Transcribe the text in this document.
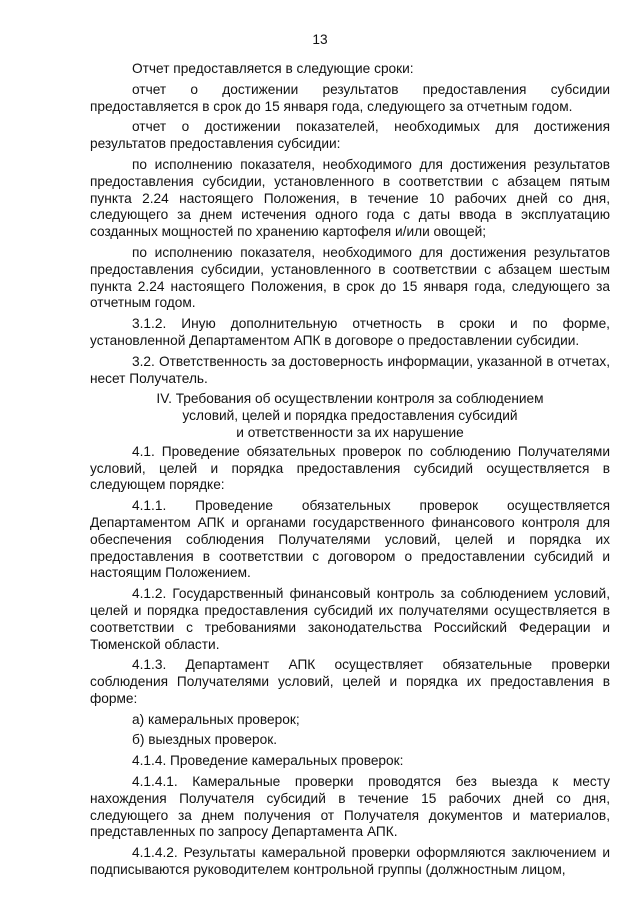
13

Отчет предоставляется в следующие сроки:

отчет о достижении результатов предоставления субсидии предоставляется в срок до 15 января года, следующего за отчетным годом.

отчет о достижении показателей, необходимых для достижения результатов предоставления субсидии:

по исполнению показателя, необходимого для достижения результатов предоставления субсидии, установленного в соответствии с абзацем пятым пункта 2.24 настоящего Положения, в течение 10 рабочих дней со дня, следующего за днем истечения одного года с даты ввода в эксплуатацию созданных мощностей по хранению картофеля и/или овощей;

по исполнению показателя, необходимого для достижения результатов предоставления субсидии, установленного в соответствии с абзацем шестым пункта 2.24 настоящего Положения, в срок до 15 января года, следующего за отчетным годом.

3.1.2. Иную дополнительную отчетность в сроки и по форме, установленной Департаментом АПК в договоре о предоставлении субсидии.

3.2. Ответственность за достоверность информации, указанной в отчетах, несет Получатель.

IV. Требования об осуществлении контроля за соблюдением
условий, целей и порядка предоставления субсидий
и ответственности за их нарушение

4.1. Проведение обязательных проверок по соблюдению Получателями условий, целей и порядка предоставления субсидий осуществляется в следующем порядке:

4.1.1. Проведение обязательных проверок осуществляется Департаментом АПК и органами государственного финансового контроля для обеспечения соблюдения Получателями условий, целей и порядка их предоставления в соответствии с договором о предоставлении субсидий и настоящим Положением.

4.1.2. Государственный финансовый контроль за соблюдением условий, целей и порядка предоставления субсидий их получателями осуществляется в соответствии с требованиями законодательства Российский Федерации и Тюменской области.

4.1.3. Департамент АПК осуществляет обязательные проверки соблюдения Получателями условий, целей и порядка их предоставления в форме:

а) камеральных проверок;

б) выездных проверок.

4.1.4. Проведение камеральных проверок:

4.1.4.1. Камеральные проверки проводятся без выезда к месту нахождения Получателя субсидий в течение 15 рабочих дней со дня, следующего за днем получения от Получателя документов и материалов, представленных по запросу Департамента АПК.

4.1.4.2. Результаты камеральной проверки оформляются заключением и подписываются руководителем контрольной группы (должностным лицом,
